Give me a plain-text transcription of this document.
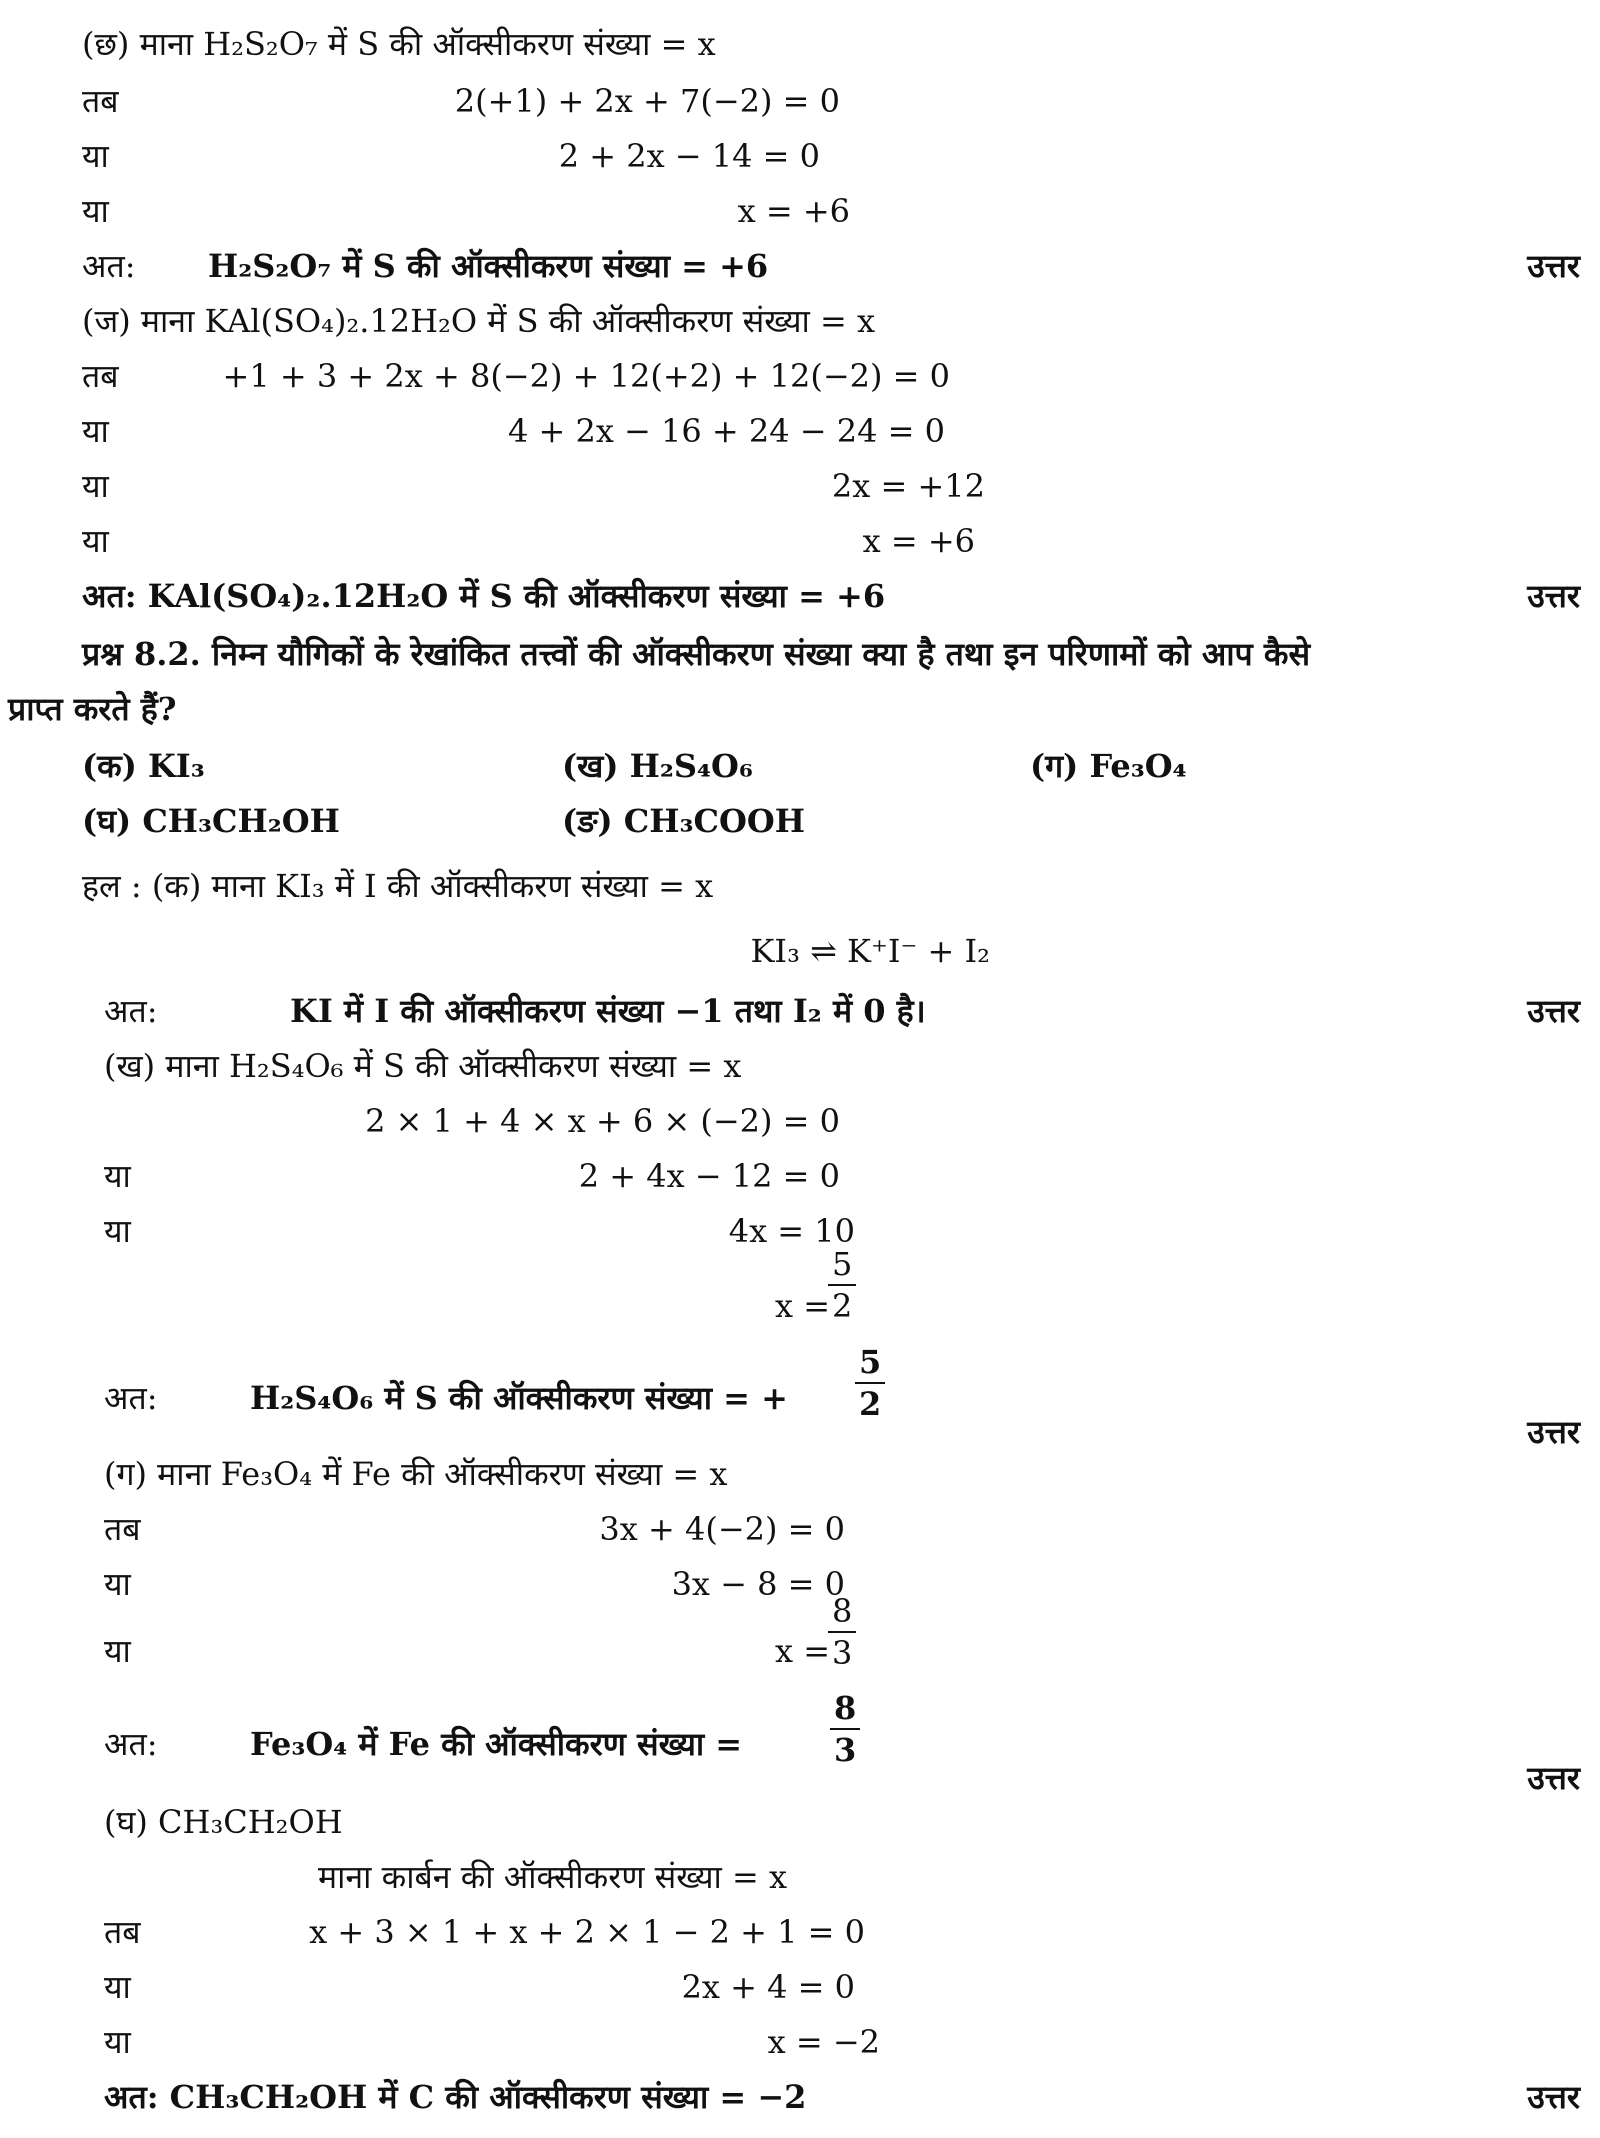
(छ) माना H₂S₂O₇ में S की ऑक्सीकरण संख्या = x
तब	2(+1) + 2x + 7(−2) = 0
या	2 + 2x − 14 = 0
या	x = +6
अत: H₂S₂O₇ में S की ऑक्सीकरण संख्या = +6	उत्तर
(ज) माना KAl(SO₄)₂.12H₂O में S की ऑक्सीकरण संख्या = x
तब	+1 + 3 + 2x + 8(−2) + 12(+2) + 12(−2) = 0
या	4 + 2x − 16 + 24 − 24 = 0
या	2x = +12
या	x = +6
अत: KAl(SO₄)₂.12H₂O में S की ऑक्सीकरण संख्या = +6	उत्तर
प्रश्न 8.2. निम्न यौगिकों के रेखांकित तत्त्वों की ऑक्सीकरण संख्या क्या है तथा इन परिणामों को आप कैसे
प्राप्त करते हैं?
(क) KI₃	(ख) H₂S₄O₆	(ग) Fe₃O₄
(घ) CH₃CH₂OH	(ङ) CH₃COOH
हल : (क) माना KI₃ में I की ऑक्सीकरण संख्या = x
KI₃ ⇌ K⁺I⁻ + I₂
अत:	KI में I की ऑक्सीकरण संख्या −1 तथा I₂ में 0 है।	उत्तर
(ख) माना H₂S₄O₆ में S की ऑक्सीकरण संख्या = x
2 × 1 + 4 × x + 6 × (−2) = 0
या	2 + 4x − 12 = 0
या	4x = 10
x =
$\frac{5}{2}$
अत:	H₂S₄O₆ में S की ऑक्सीकरण संख्या = + $\frac{5}{2}$
उत्तर
(ग) माना Fe₃O₄ में Fe की ऑक्सीकरण संख्या = x
तब	3x + 4(−2) = 0
या	3x − 8 = 0
या	x =
$\frac{8}{3}$
अत:	Fe₃O₄ में Fe की ऑक्सीकरण संख्या =	$\frac{8}{3}$
उत्तर
(घ) CH₃CH₂OH
माना कार्बन की ऑक्सीकरण संख्या = x
तब	x + 3 × 1 + x + 2 × 1 − 2 + 1 = 0
या	2x + 4 = 0
या	x = −2
अत: CH₃CH₂OH में C की ऑक्सीकरण संख्या = −2	उत्तर
